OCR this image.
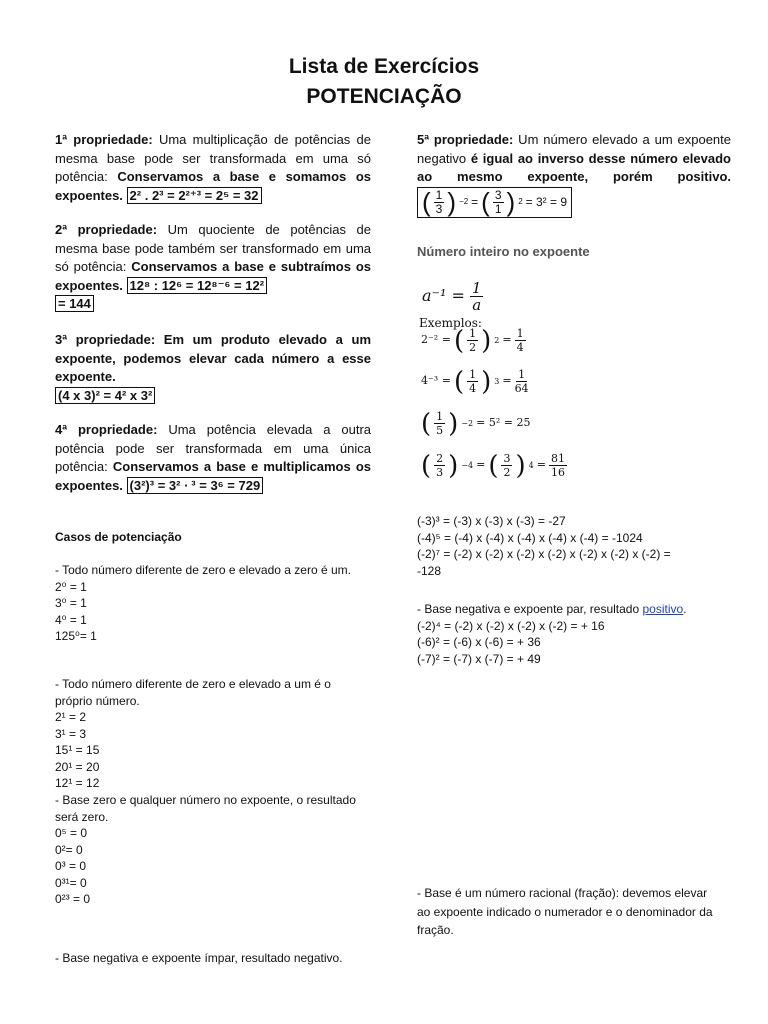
Lista de Exercícios
POTENCIAÇÃO
1ª propriedade: Uma multiplicação de potências de mesma base pode ser transformada em uma só potência: Conservamos a base e somamos os expoentes. 2² . 2³ = 2²⁺³ = 2⁵ = 32
2ª propriedade: Um quociente de potências de mesma base pode também ser transformado em uma só potência: Conservamos a base e subtraímos os expoentes. 12⁸ : 12⁶ = 12⁸⁻⁶ = 12²
= 144
3ª propriedade: Em um produto elevado a um expoente, podemos elevar cada número a esse expoente.
(4 x 3)² = 4² x 3²
4ª propriedade: Uma potência elevada a outra potência pode ser transformada em uma única potência: Conservamos a base e multiplicamos os expoentes. (3²)³ = 3² ∙ ³ = 3⁶ = 729
Casos de potenciação
- Todo número diferente de zero e elevado a zero é um.
2⁰ = 1
3⁰ = 1
4⁰ = 1
125⁰= 1
- Todo número diferente de zero e elevado a um é o próprio número.
2¹ = 2
3¹ = 3
15¹ = 15
20¹ = 20
12¹ = 12
- Base zero e qualquer número no expoente, o resultado será zero.
0⁵ = 0
0²= 0
0³ = 0
0³¹= 0
0²³ = 0
- Base negativa e expoente ímpar, resultado negativo.
5ª propriedade: Um número elevado a um expoente negativo é igual ao inverso desse número elevado ao mesmo expoente, porém positivo.
( $\frac{1}{3}$ ) −2 = ( $\frac{3}{1}$ ) 2 = 3² = 9
Número inteiro no expoente
$a^{-1} = \frac{1}{a}$
Exemplos:
2⁻² = ( $\frac{1}{2}$ ) $2 = \frac{1}{4}$
4⁻³ = ( $\frac{1}{4}$ ) $3 = \frac{1}{64}$
( $\frac{1}{5}$ ) −2 = 5² = 25
( $\frac{2}{3}$ ) −4 = ( $\frac{3}{2}$ ) $4 = \frac{81}{16}$
(-3)³ = (-3) x (-3) x (-3) = -27
(-4)⁵ = (-4) x (-4) x (-4) x (-4) x (-4) = -1024
(-2)⁷ = (-2) x (-2) x (-2) x (-2) x (-2) x (-2) x (-2) =
-128
- Base negativa e expoente par, resultado positivo.
(-2)⁴ = (-2) x (-2) x (-2) x (-2) = + 16
(-6)² = (-6) x (-6) = + 36
(-7)² = (-7) x (-7) = + 49
- Base é um número racional (fração): devemos elevar ao expoente indicado o numerador e o denominador da fração.
